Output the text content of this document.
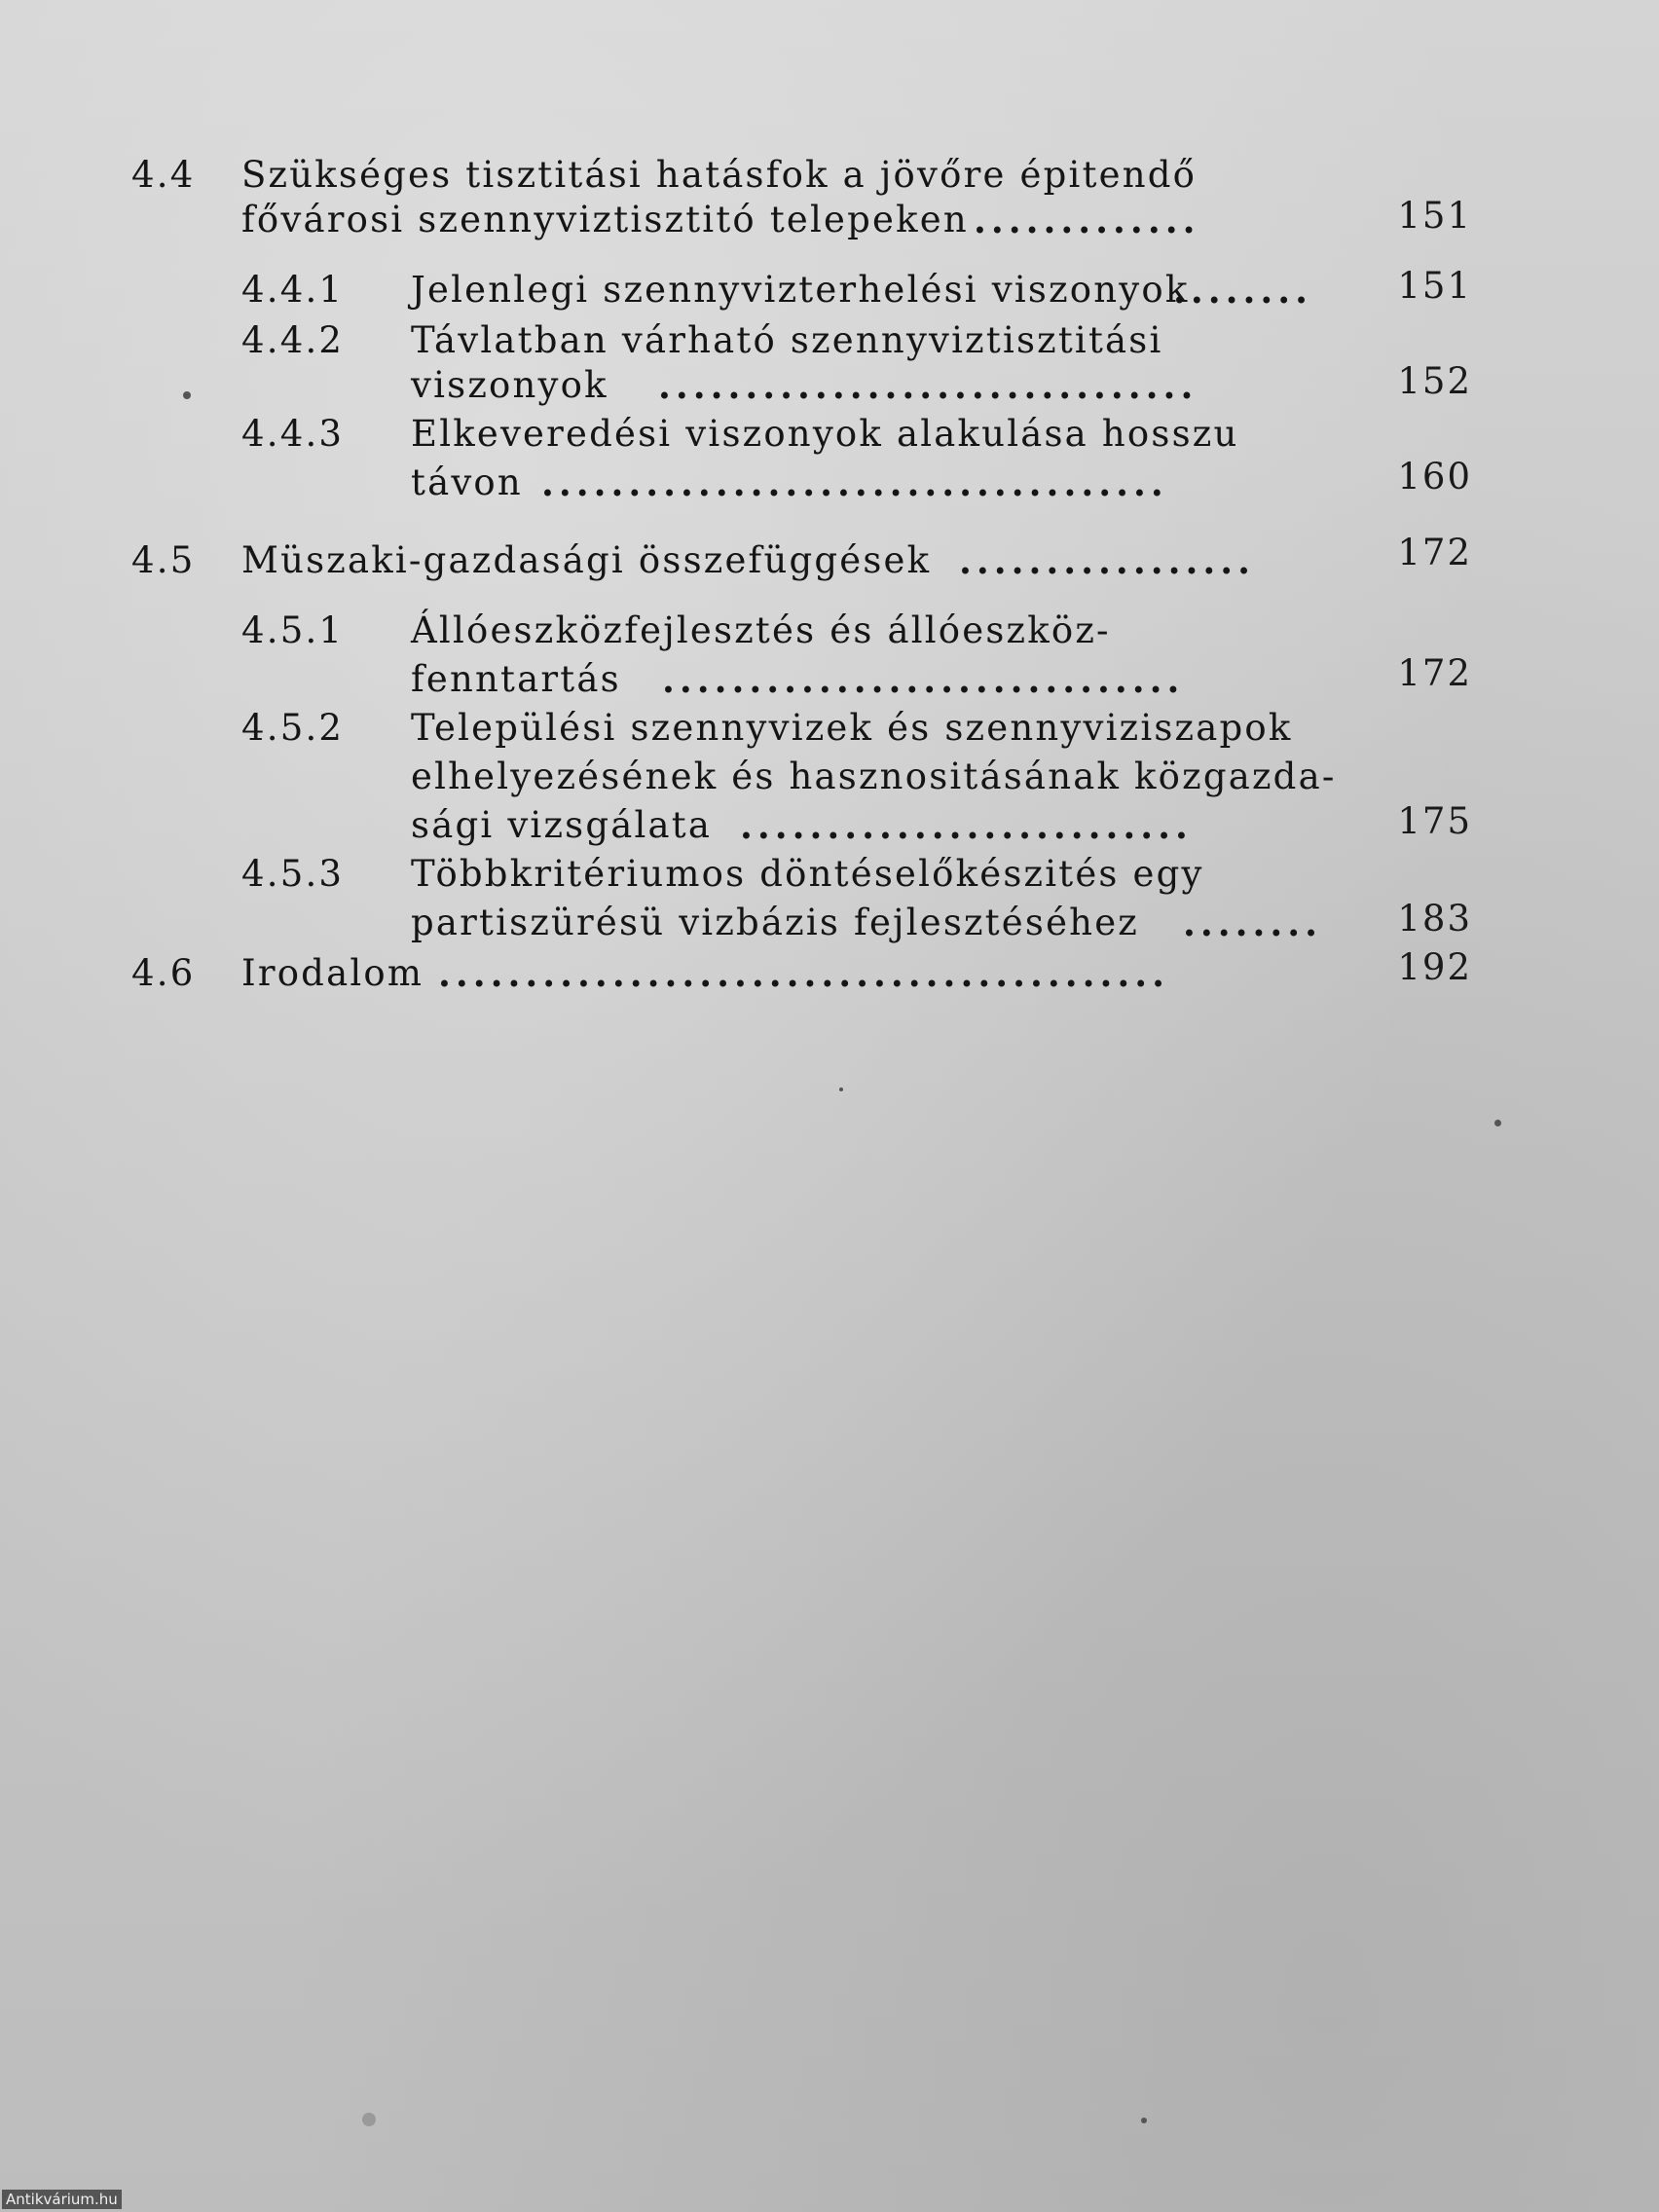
4.4 Szükséges tisztitási hatásfok a jövőre épitendő
fővárosi szennyviztisztitó telepeken .............	151
4.4.1 Jelenlegi szennyvizterhelési viszonyok
........	151
4.4.2 Távlatban várható szennyviztisztitási
viszonyok ...............................	152
4.4.3 Elkeveredési viszonyok alakulása hosszu
távon ....................................	160
4.5 Müszaki-gazdasági összefüggések .................	172
4.5.1 Állóeszközfejlesztés és állóeszköz-
fenntartás ..............................	172
4.5.2 Települési szennyvizek és szennyviziszapok
elhelyezésének és hasznositásának közgazda-
sági vizsgálata ..........................	175
4.5.3 Többkritériumos döntéselőkészités egy
partiszürésü vizbázis fejlesztéséhez ........	183
4.6 Irodalom ..........................................	192
Antikvárium.hu
